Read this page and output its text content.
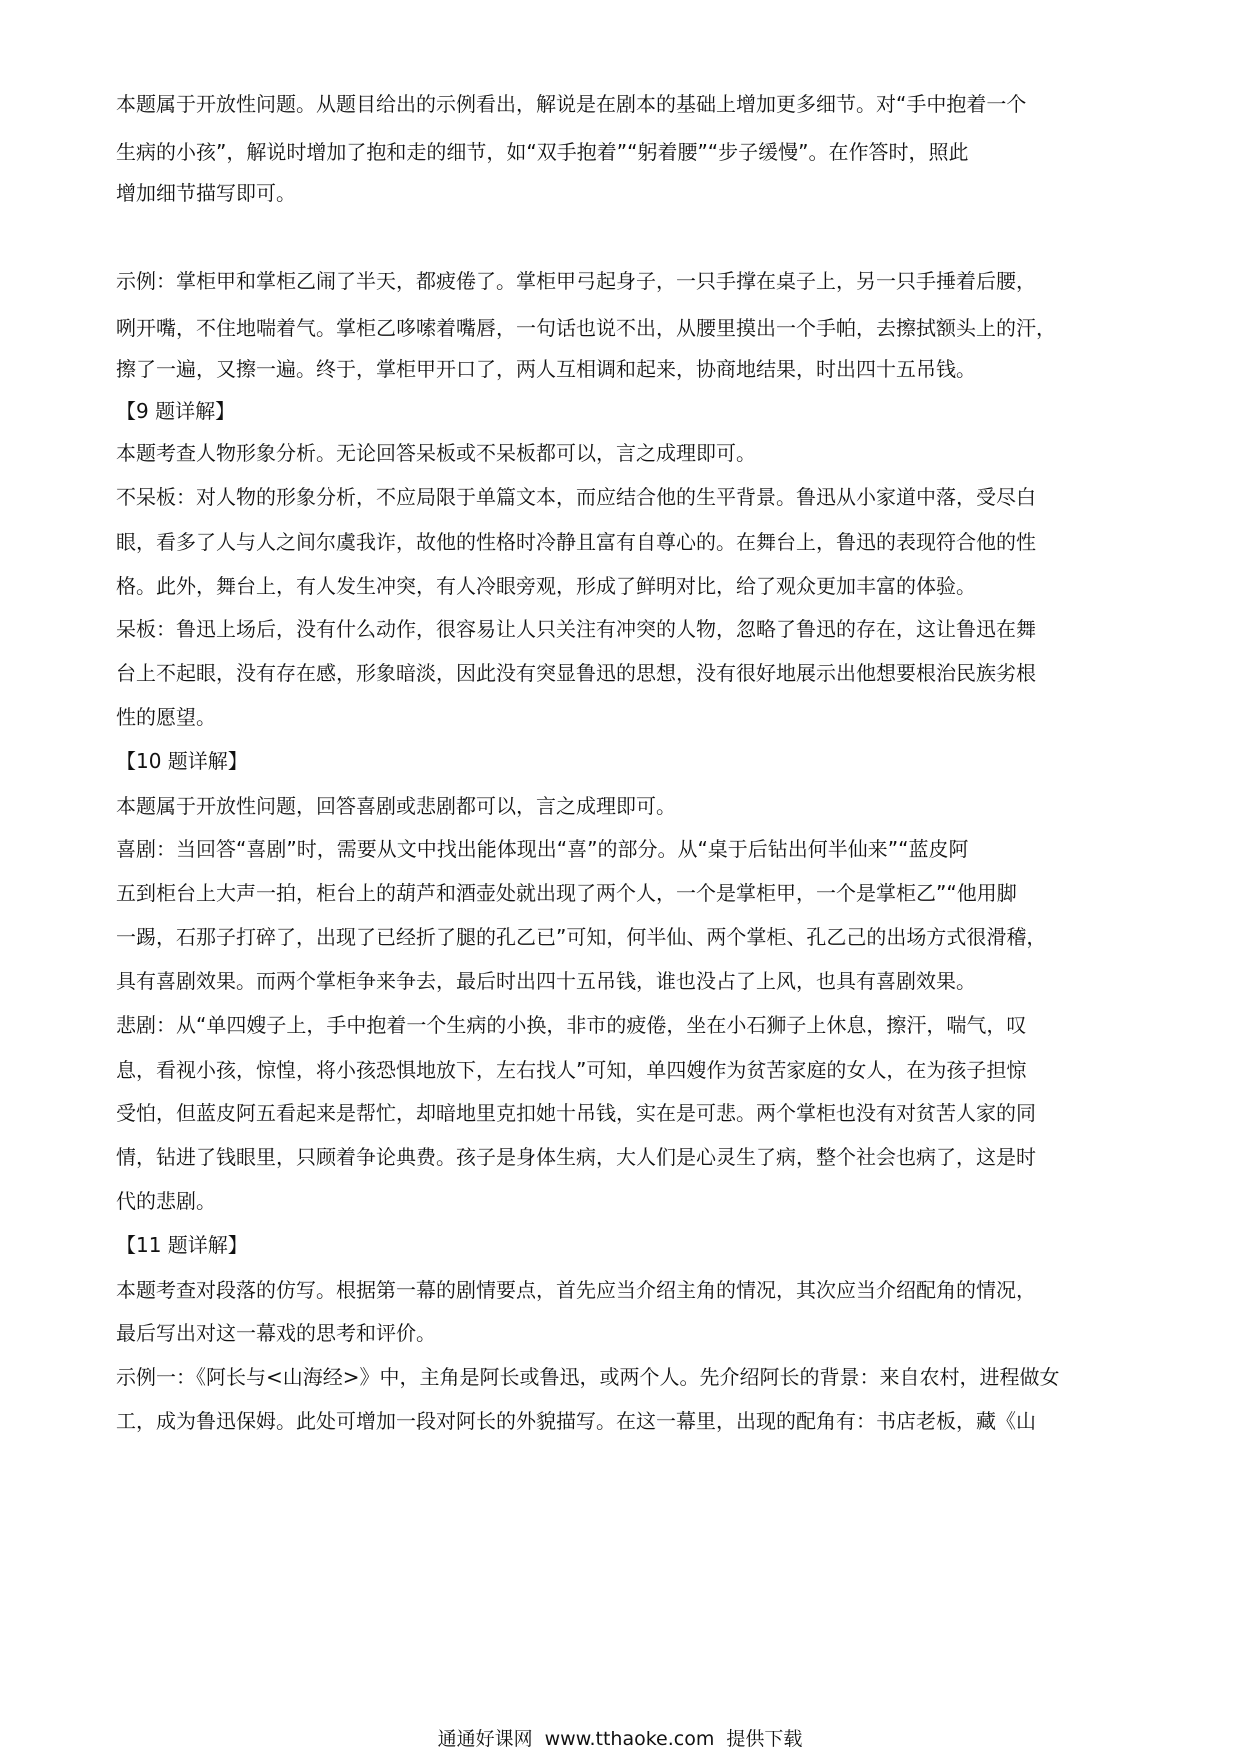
本题属于开放性问题。从题目给出的示例看出，解说是在剧本的基础上增加更多细节。对“手中抱着一个
生病的小孩”，解说时增加了抱和走的细节，如“双手抱着”“躬着腰”“步子缓慢”。在作答时，照此
增加细节描写即可。
示例：掌柜甲和掌柜乙闹了半天，都疲倦了。掌柜甲弓起身子，一只手撑在桌子上，另一只手捶着后腰，
咧开嘴，不住地喘着气。掌柜乙哆嗦着嘴唇，一句话也说不出，从腰里摸出一个手帕，去擦拭额头上的汗，
擦了一遍，又擦一遍。终于，掌柜甲开口了，两人互相调和起来，协商地结果，时出四十五吊钱。
【9 题详解】
本题考查人物形象分析。无论回答呆板或不呆板都可以，言之成理即可。
不呆板：对人物的形象分析，不应局限于单篇文本，而应结合他的生平背景。鲁迅从小家道中落，受尽白
眼，看多了人与人之间尔虞我诈，故他的性格时冷静且富有自尊心的。在舞台上，鲁迅的表现符合他的性
格。此外，舞台上，有人发生冲突，有人冷眼旁观，形成了鲜明对比，给了观众更加丰富的体验。
呆板：鲁迅上场后，没有什么动作，很容易让人只关注有冲突的人物，忽略了鲁迅的存在，这让鲁迅在舞
台上不起眼，没有存在感，形象暗淡，因此没有突显鲁迅的思想，没有很好地展示出他想要根治民族劣根
性的愿望。
【10 题详解】
本题属于开放性问题，回答喜剧或悲剧都可以，言之成理即可。
喜剧：当回答“喜剧”时，需要从文中找出能体现出“喜”的部分。从“桌于后钻出何半仙来”“蓝皮阿
五到柜台上大声一拍，柜台上的葫芦和酒壶处就出现了两个人，一个是掌柜甲，一个是掌柜乙”“他用脚
一踢，石那子打碎了，出现了已经折了腿的孔乙已”可知，何半仙、两个掌柜、孔乙己的出场方式很滑稽，
具有喜剧效果。而两个掌柜争来争去，最后时出四十五吊钱，谁也没占了上风，也具有喜剧效果。
悲剧：从“单四嫂子上，手中抱着一个生病的小换，非市的疲倦，坐在小石狮子上休息，擦汗，喘气，叹
息，看视小孩，惊惶，将小孩恐惧地放下，左右找人”可知，单四嫂作为贫苦家庭的女人，在为孩子担惊
受怕，但蓝皮阿五看起来是帮忙，却暗地里克扣她十吊钱，实在是可悲。两个掌柜也没有对贫苦人家的同
情，钻进了钱眼里，只顾着争论典费。孩子是身体生病，大人们是心灵生了病，整个社会也病了，这是时
代的悲剧。
【11 题详解】
本题考查对段落的仿写。根据第一幕的剧情要点，首先应当介绍主角的情况，其次应当介绍配角的情况，
最后写出对这一幕戏的思考和评价。
示例一：《阿长与<山海经>》中，主角是阿长或鲁迅，或两个人。先介绍阿长的背景：来自农村，进程做女
工，成为鲁迅保姆。此处可增加一段对阿长的外貌描写。在这一幕里，出现的配角有：书店老板，藏《山
通通好课网 www.tthaoke.com 提供下载
